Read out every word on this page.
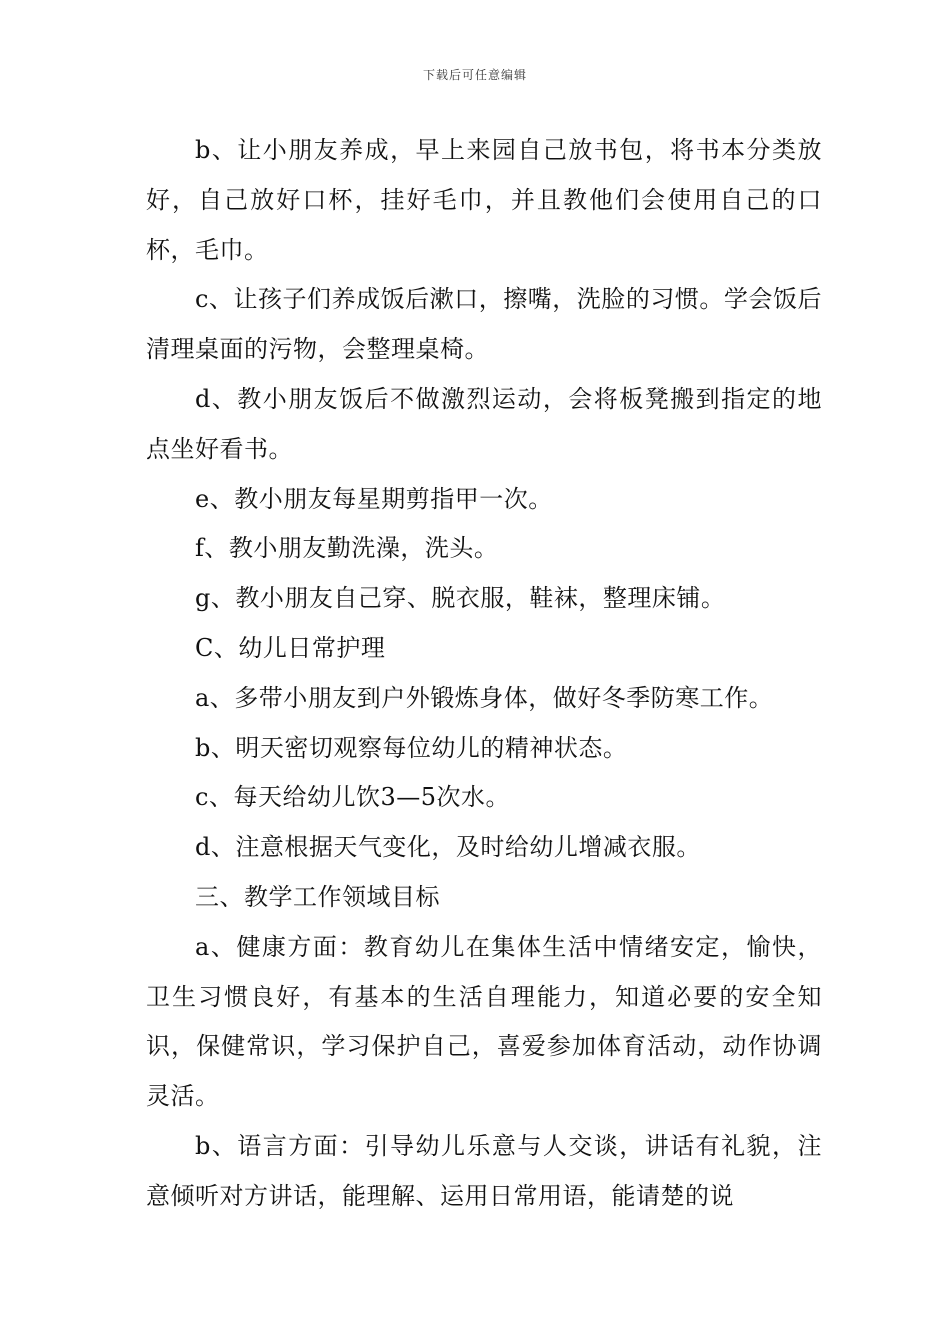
下载后可任意编辑

b、让小朋友养成，早上来园自己放书包，将书本分类放好，自己放好口杯，挂好毛巾，并且教他们会使用自己的口杯，毛巾。

c、让孩子们养成饭后漱口，擦嘴，洗脸的习惯。学会饭后清理桌面的污物，会整理桌椅。

d、教小朋友饭后不做激烈运动，会将板凳搬到指定的地点坐好看书。

e、教小朋友每星期剪指甲一次。

f、教小朋友勤洗澡，洗头。

g、教小朋友自己穿、脱衣服，鞋袜，整理床铺。

C、幼儿日常护理

a、多带小朋友到户外锻炼身体，做好冬季防寒工作。

b、明天密切观察每位幼儿的精神状态。

c、每天给幼儿饮3—5次水。

d、注意根据天气变化，及时给幼儿增减衣服。

三、教学工作领域目标

a、健康方面：教育幼儿在集体生活中情绪安定，愉快，卫生习惯良好，有基本的生活自理能力，知道必要的安全知识，保健常识，学习保护自己，喜爱参加体育活动，动作协调灵活。

b、语言方面：引导幼儿乐意与人交谈，讲话有礼貌，注意倾听对方讲话，能理解、运用日常用语，能请楚的说
